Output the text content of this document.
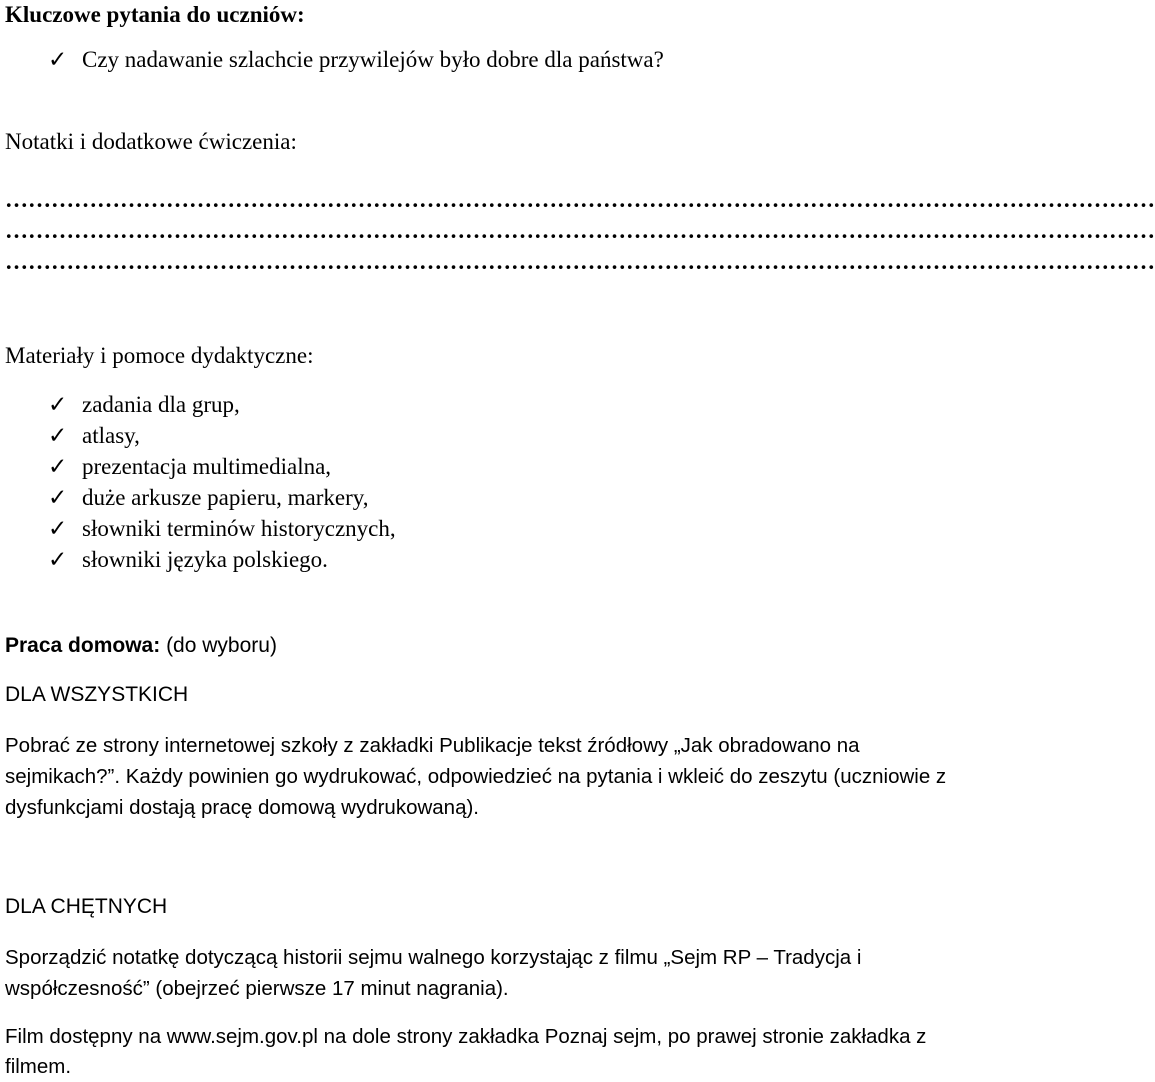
Kluczowe pytania do uczniów:
✓ Czy nadawanie szlachcie przywilejów było dobre dla państwa?
Notatki i dodatkowe ćwiczenia:
……………………………………………………………………………………………………………………………………
……………………………………………………………………………………………………………………………………
……………………………………………………………………………………………………………………………………
Materiały i pomoce dydaktyczne:
✓ zadania dla grup,
✓ atlasy,
✓ prezentacja multimedialna,
✓ duże arkusze papieru, markery,
✓ słowniki terminów historycznych,
✓ słowniki języka polskiego.
Praca domowa: (do wyboru)
DLA WSZYSTKICH
Pobrać ze strony internetowej szkoły z zakładki Publikacje tekst źródłowy „Jak obradowano na sejmikach?”. Każdy powinien go wydrukować, odpowiedzieć na pytania i wkleić do zeszytu (uczniowie z dysfunkcjami dostają pracę domową wydrukowaną).
DLA CHĘTNYCH
Sporządzić notatkę dotyczącą historii sejmu walnego korzystając z filmu „Sejm RP – Tradycja i współczesność” (obejrzeć pierwsze 17 minut nagrania).
Film dostępny na www.sejm.gov.pl na dole strony zakładka Poznaj sejm, po prawej stronie zakładka z filmem.
